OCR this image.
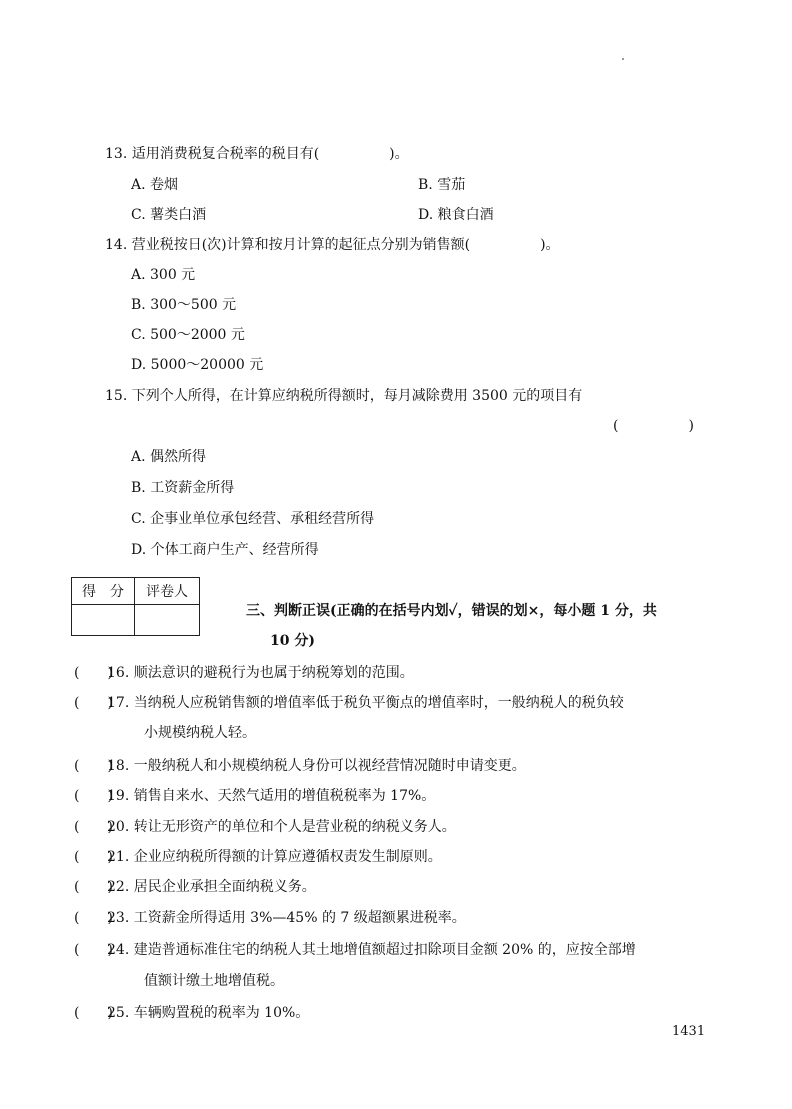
13. 适用消费税复合税率的税目有(　　　　　)。
A. 卷烟	B. 雪茄
C. 薯类白酒	D. 粮食白酒
14. 营业税按日(次)计算和按月计算的起征点分别为销售额(　　　　　)。
A. 300 元
B. 300～500 元
C. 500～2000 元
D. 5000～20000 元
15. 下列个人所得，在计算应纳税所得额时，每月减除费用 3500 元的项目有
(　　　　　)
A. 偶然所得
B. 工资薪金所得
C. 企事业单位承包经营、承租经营所得
D. 个体工商户生产、经营所得
得　分	评卷人

三、判断正误(正确的在括号内划✓，错误的划×，每小题 1 分，共
10 分)
(　　)
16. 顺法意识的避税行为也属于纳税筹划的范围。
(　　)
17. 当纳税人应税销售额的增值率低于税负平衡点的增值率时，一般纳税人的税负较
小规模纳税人轻。
(　　)
18. 一般纳税人和小规模纳税人身份可以视经营情况随时申请变更。
(　　)
19. 销售自来水、天然气适用的增值税税率为 17%。
(　　)
20. 转让无形资产的单位和个人是营业税的纳税义务人。
(　　)
21. 企业应纳税所得额的计算应遵循权责发生制原则。
(　　)
22. 居民企业承担全面纳税义务。
(　　)
23. 工资薪金所得适用 3%—45% 的 7 级超额累进税率。
(　　)
24. 建造普通标准住宅的纳税人其土地增值额超过扣除项目金额 20% 的，应按全部增
值额计缴土地增值税。
(　　)
25. 车辆购置税的税率为 10%。
1431
